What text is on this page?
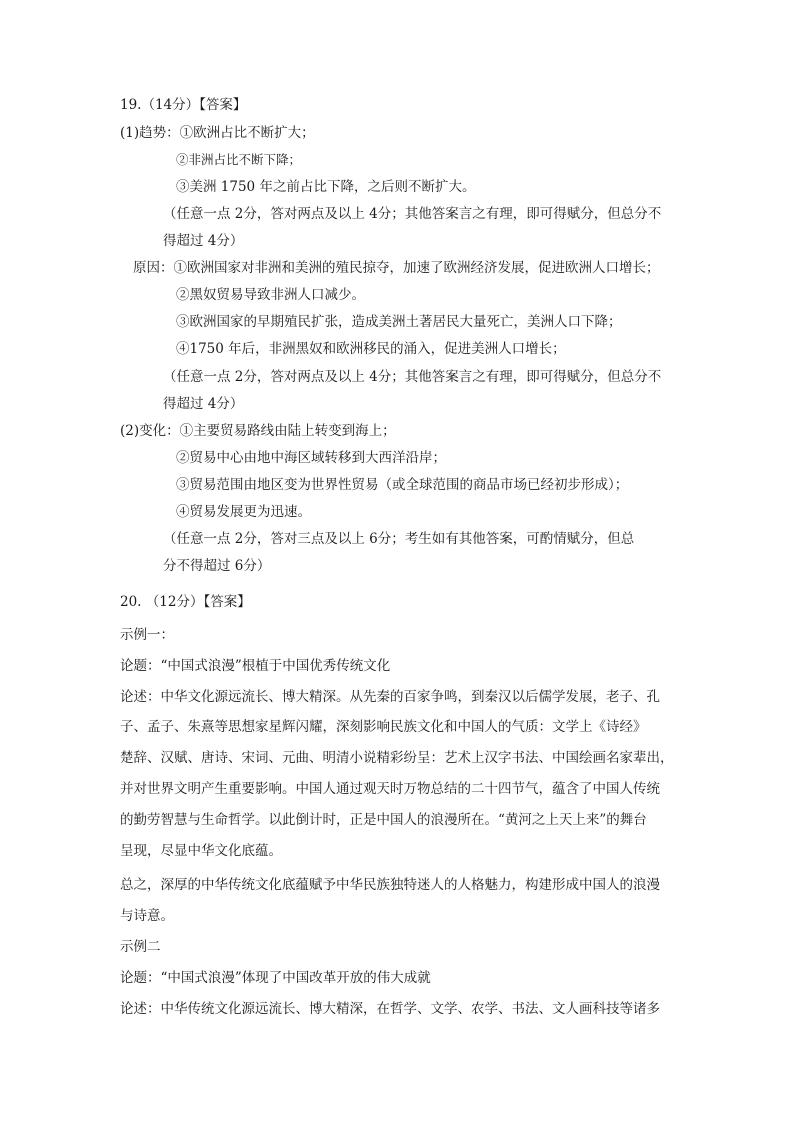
19.（14分）【答案】
(1)趋势：①欧洲占比不断扩大；
②非洲占比不断下降；
③美洲 1750 年之前占比下降，之后则不断扩大。
（任意一点 2分，答对两点及以上 4分；其他答案言之有理，即可得赋分，但总分不
得超过 4分）
原因：①欧洲国家对非洲和美洲的殖民掠夺，加速了欧洲经济发展，促进欧洲人口增长；
②黑奴贸易导致非洲人口减少。
③欧洲国家的早期殖民扩张，造成美洲土著居民大量死亡，美洲人口下降；
④1750 年后，非洲黑奴和欧洲移民的涌入，促进美洲人口增长；
（任意一点 2分，答对两点及以上 4分；其他答案言之有理，即可得赋分，但总分不
得超过 4分）
(2)变化：①主要贸易路线由陆上转变到海上；
②贸易中心由地中海区域转移到大西洋沿岸；
③贸易范围由地区变为世界性贸易（或全球范围的商品市场已经初步形成）；
④贸易发展更为迅速。
（任意一点 2分，答对三点及以上 6分；考生如有其他答案，可酌情赋分，但总
分不得超过 6分）
20. （12分）【答案】
示例一：
论题：“中国式浪漫”根植于中国优秀传统文化
论述：中华文化源远流长、博大精深。从先秦的百家争鸣，到秦汉以后儒学发展，老子、孔
子、孟子、朱熹等思想家星辉闪耀，深刻影响民族文化和中国人的气质：文学上《诗经》
楚辞、汉赋、唐诗、宋词、元曲、明清小说精彩纷呈：艺术上汉字书法、中国绘画名家辈出，
并对世界文明产生重要影响。中国人通过观天时万物总结的二十四节气，蕴含了中国人传统
的勤劳智慧与生命哲学。以此倒计时，正是中国人的浪漫所在。“黄河之上天上来”的舞台
呈现，尽显中华文化底蕴。
总之，深厚的中华传统文化底蕴赋予中华民族独特迷人的人格魅力，构建形成中国人的浪漫
与诗意。
示例二
论题：“中国式浪漫”体现了中国改革开放的伟大成就
论述：中华传统文化源远流长、博大精深，在哲学、文学、农学、书法、文人画科技等诸多
